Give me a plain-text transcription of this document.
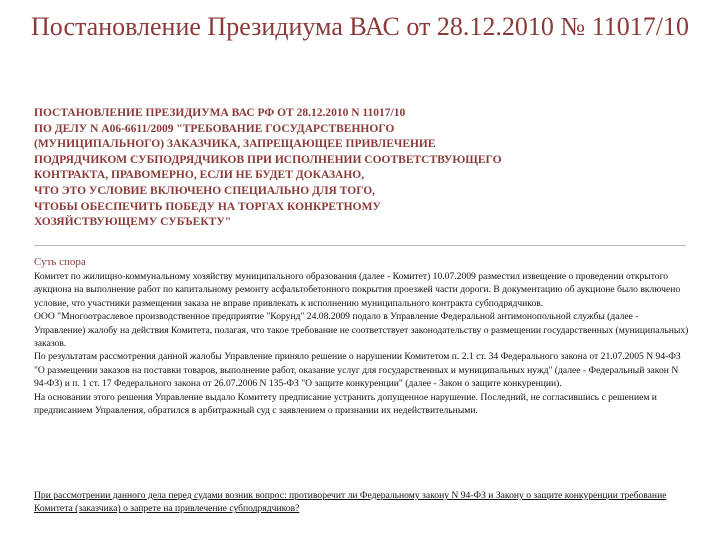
Постановление Президиума ВАС от 28.12.2010 № 11017/10
ПОСТАНОВЛЕНИЕ ПРЕЗИДИУМА ВАС РФ ОТ 28.12.2010 N 11017/10
ПО ДЕЛУ N А06-6611/2009 "ТРЕБОВАНИЕ ГОСУДАРСТВЕННОГО
(МУНИЦИПАЛЬНОГО) ЗАКАЗЧИКА, ЗАПРЕЩАЮЩЕЕ ПРИВЛЕЧЕНИЕ
ПОДРЯДЧИКОМ СУБПОДРЯДЧИКОВ ПРИ ИСПОЛНЕНИИ СООТВЕТСТВУЮЩЕГО
КОНТРАКТА, ПРАВОМЕРНО, ЕСЛИ НЕ БУДЕТ ДОКАЗАНО,
ЧТО ЭТО УСЛОВИЕ ВКЛЮЧЕНО СПЕЦИАЛЬНО ДЛЯ ТОГО,
ЧТОБЫ ОБЕСПЕЧИТЬ ПОБЕДУ НА ТОРГАХ КОНКРЕТНОМУ
ХОЗЯЙСТВУЮЩЕМУ СУБЪЕКТУ"
Суть спора

Комитет по жилищно-коммунальному хозяйству муниципального образования (далее - Комитет) 10.07.2009 разместил извещение о проведении открытого аукциона на выполнение работ по капитальному ремонту асфальтобетонного покрытия проезжей части дороги. В документацию об аукционе было включено условие, что участники размещения заказа не вправе привлекать к исполнению муниципального контракта субподрядчиков.

ООО "Многоотраслевое производственное предприятие "Корунд" 24.08.2009 подало в Управление Федеральной антимонопольной службы (далее - Управление) жалобу на действия Комитета, полагая, что такое требование не соответствует законодательству о размещении государственных (муниципальных) заказов.

По результатам рассмотрения данной жалобы Управление приняло решение о нарушении Комитетом п. 2.1 ст. 34 Федерального закона от 21.07.2005 N 94-ФЗ "О размещении заказов на поставки товаров, выполнение работ, оказание услуг для государственных и муниципальных нужд" (далее - Федеральный закон N 94-ФЗ) и п. 1 ст. 17 Федерального закона от 26.07.2006 N 135-ФЗ "О защите конкуренции" (далее - Закон о защите конкуренции).

На основании этого решения Управление выдало Комитету предписание устранить допущенное нарушение. Последний, не согласившись с решением и предписанием Управления, обратился в арбитражный суд с заявлением о признании их недействительными.

При рассмотрении данного дела перед судами возник вопрос: противоречит ли Федеральному закону N 94-ФЗ и Закону о защите конкуренции требование Комитета (заказчика) о запрете на привлечение субподрядчиков?
